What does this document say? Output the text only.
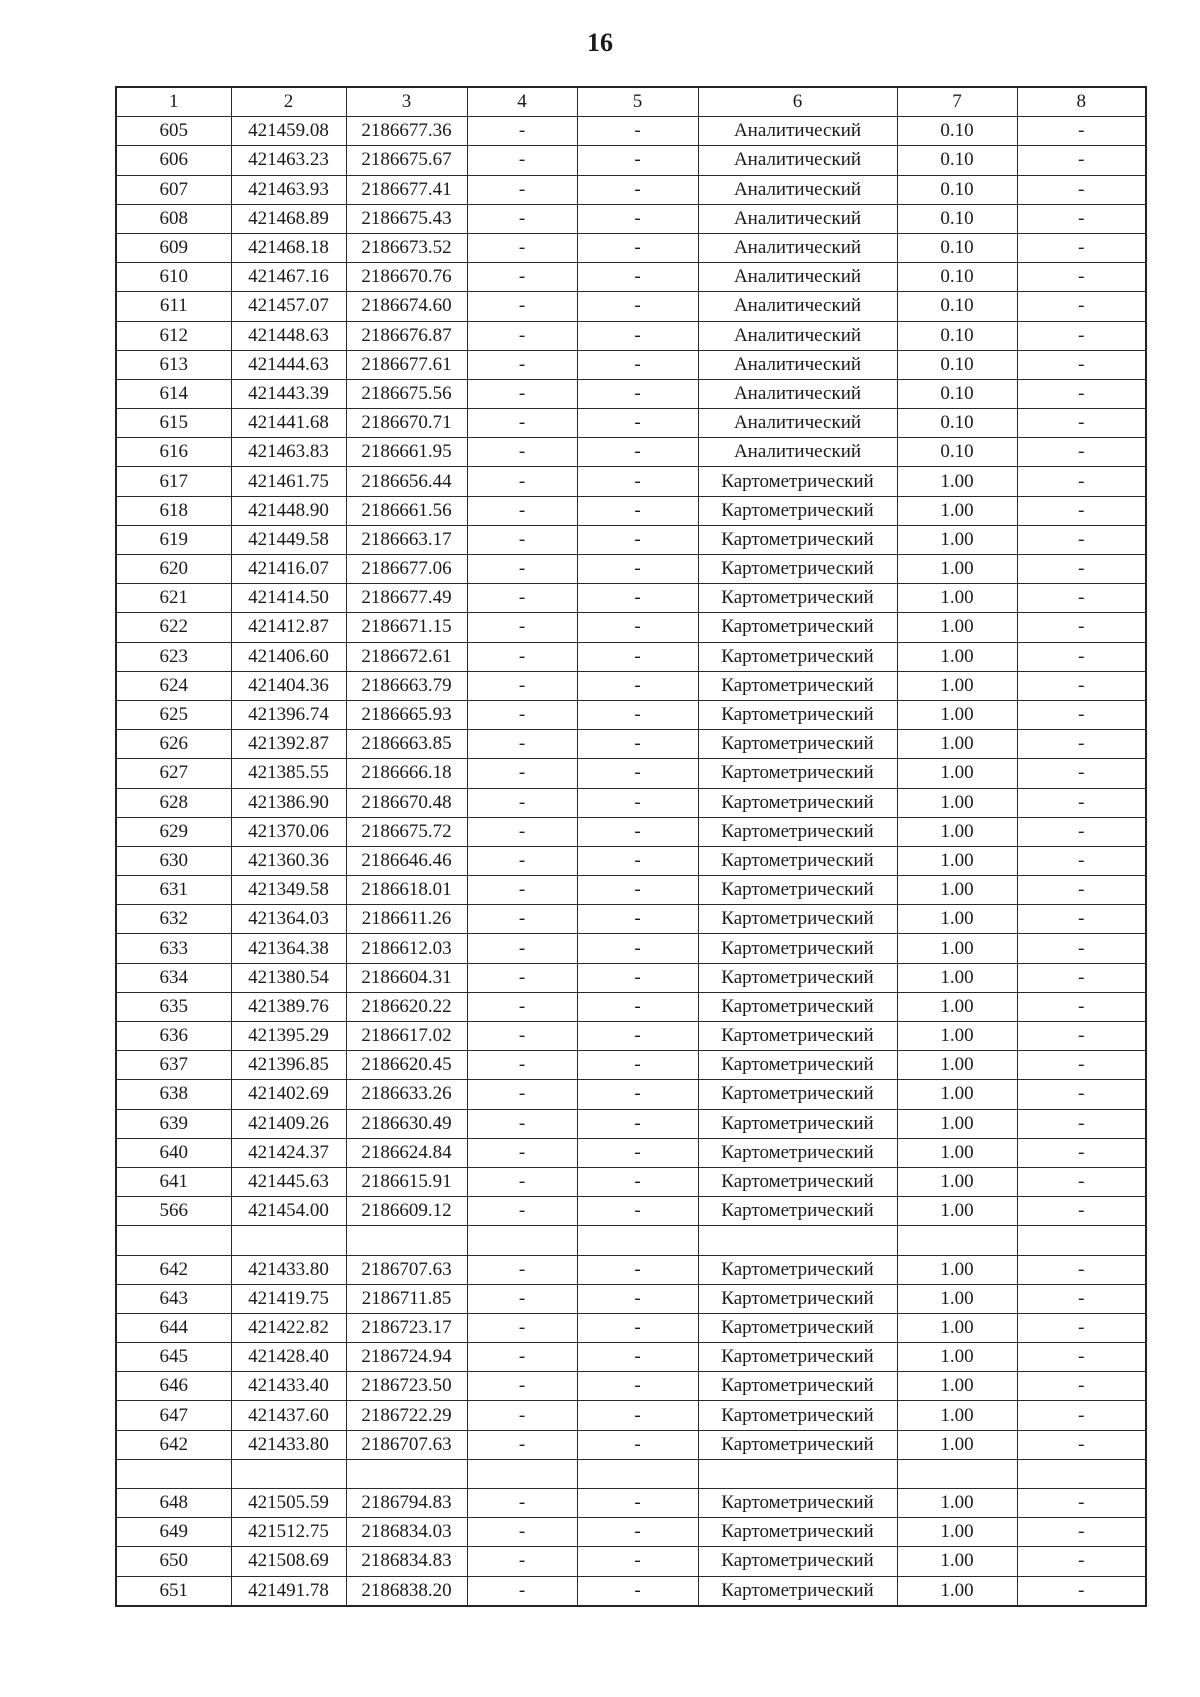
16
1	2	3	4	5	6	7	8
605	421459.08	2186677.36	-	-	Аналитический	0.10	-
606	421463.23	2186675.67	-	-	Аналитический	0.10	-
607	421463.93	2186677.41	-	-	Аналитический	0.10	-
608	421468.89	2186675.43	-	-	Аналитический	0.10	-
609	421468.18	2186673.52	-	-	Аналитический	0.10	-
610	421467.16	2186670.76	-	-	Аналитический	0.10	-
611	421457.07	2186674.60	-	-	Аналитический	0.10	-
612	421448.63	2186676.87	-	-	Аналитический	0.10	-
613	421444.63	2186677.61	-	-	Аналитический	0.10	-
614	421443.39	2186675.56	-	-	Аналитический	0.10	-
615	421441.68	2186670.71	-	-	Аналитический	0.10	-
616	421463.83	2186661.95	-	-	Аналитический	0.10	-
617	421461.75	2186656.44	-	-	Картометрический	1.00	-
618	421448.90	2186661.56	-	-	Картометрический	1.00	-
619	421449.58	2186663.17	-	-	Картометрический	1.00	-
620	421416.07	2186677.06	-	-	Картометрический	1.00	-
621	421414.50	2186677.49	-	-	Картометрический	1.00	-
622	421412.87	2186671.15	-	-	Картометрический	1.00	-
623	421406.60	2186672.61	-	-	Картометрический	1.00	-
624	421404.36	2186663.79	-	-	Картометрический	1.00	-
625	421396.74	2186665.93	-	-	Картометрический	1.00	-
626	421392.87	2186663.85	-	-	Картометрический	1.00	-
627	421385.55	2186666.18	-	-	Картометрический	1.00	-
628	421386.90	2186670.48	-	-	Картометрический	1.00	-
629	421370.06	2186675.72	-	-	Картометрический	1.00	-
630	421360.36	2186646.46	-	-	Картометрический	1.00	-
631	421349.58	2186618.01	-	-	Картометрический	1.00	-
632	421364.03	2186611.26	-	-	Картометрический	1.00	-
633	421364.38	2186612.03	-	-	Картометрический	1.00	-
634	421380.54	2186604.31	-	-	Картометрический	1.00	-
635	421389.76	2186620.22	-	-	Картометрический	1.00	-
636	421395.29	2186617.02	-	-	Картометрический	1.00	-
637	421396.85	2186620.45	-	-	Картометрический	1.00	-
638	421402.69	2186633.26	-	-	Картометрический	1.00	-
639	421409.26	2186630.49	-	-	Картометрический	1.00	-
640	421424.37	2186624.84	-	-	Картометрический	1.00	-
641	421445.63	2186615.91	-	-	Картометрический	1.00	-
566	421454.00	2186609.12	-	-	Картометрический	1.00	-

642	421433.80	2186707.63	-	-	Картометрический	1.00	-
643	421419.75	2186711.85	-	-	Картометрический	1.00	-
644	421422.82	2186723.17	-	-	Картометрический	1.00	-
645	421428.40	2186724.94	-	-	Картометрический	1.00	-
646	421433.40	2186723.50	-	-	Картометрический	1.00	-
647	421437.60	2186722.29	-	-	Картометрический	1.00	-
642	421433.80	2186707.63	-	-	Картометрический	1.00	-

648	421505.59	2186794.83	-	-	Картометрический	1.00	-
649	421512.75	2186834.03	-	-	Картометрический	1.00	-
650	421508.69	2186834.83	-	-	Картометрический	1.00	-
651	421491.78	2186838.20	-	-	Картометрический	1.00	-
